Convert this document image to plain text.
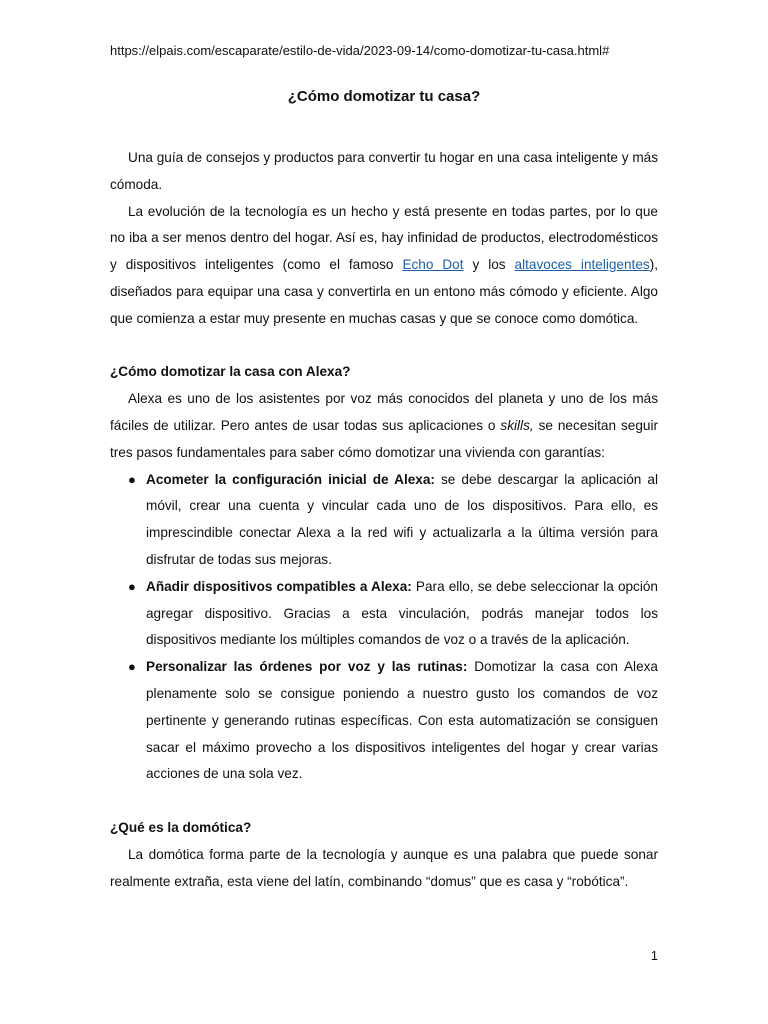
https://elpais.com/escaparate/estilo-de-vida/2023-09-14/como-domotizar-tu-casa.html#
¿Cómo domotizar tu casa?

Una guía de consejos y productos para convertir tu hogar en una casa inteligente y más cómoda.

La evolución de la tecnología es un hecho y está presente en todas partes, por lo que no iba a ser menos dentro del hogar. Así es, hay infinidad de productos, electrodomésticos y dispositivos inteligentes (como el famoso Echo Dot y los altavoces inteligentes), diseñados para equipar una casa y convertirla en un entono más cómodo y eficiente. Algo que comienza a estar muy presente en muchas casas y que se conoce como domótica.

¿Cómo domotizar la casa con Alexa?

Alexa es uno de los asistentes por voz más conocidos del planeta y uno de los más fáciles de utilizar. Pero antes de usar todas sus aplicaciones o skills, se necesitan seguir tres pasos fundamentales para saber cómo domotizar una vivienda con garantías:

● Acometer la configuración inicial de Alexa: se debe descargar la aplicación al móvil, crear una cuenta y vincular cada uno de los dispositivos. Para ello, es imprescindible conectar Alexa a la red wifi y actualizarla a la última versión para disfrutar de todas sus mejoras.
● Añadir dispositivos compatibles a Alexa: Para ello, se debe seleccionar la opción agregar dispositivo. Gracias a esta vinculación, podrás manejar todos los dispositivos mediante los múltiples comandos de voz o a través de la aplicación.
● Personalizar las órdenes por voz y las rutinas: Domotizar la casa con Alexa plenamente solo se consigue poniendo a nuestro gusto los comandos de voz pertinente y generando rutinas específicas. Con esta automatización se consiguen sacar el máximo provecho a los dispositivos inteligentes del hogar y crear varias acciones de una sola vez.
¿Qué es la domótica?

La domótica forma parte de la tecnología y aunque es una palabra que puede sonar realmente extraña, esta viene del latín, combinando “domus” que es casa y “robótica”.

1
